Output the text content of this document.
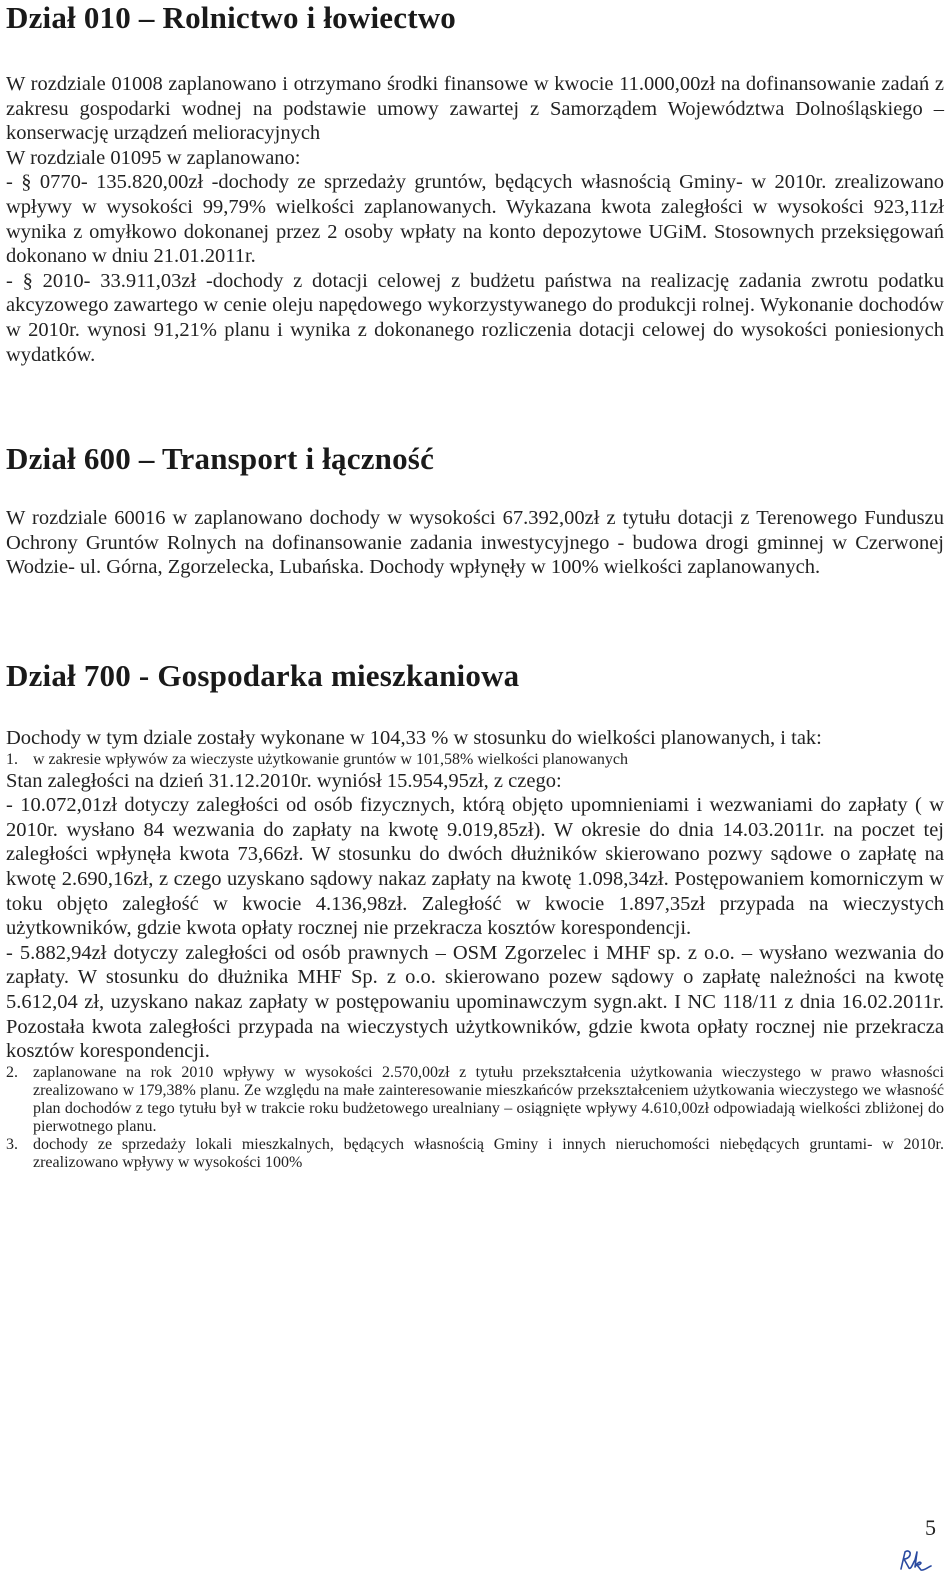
Dział 010 – Rolnictwo i łowiectwo

W rozdziale 01008 zaplanowano i otrzymano środki finansowe w kwocie 11.000,00zł na dofinansowanie zadań z zakresu gospodarki wodnej na podstawie umowy zawartej z Samorządem Województwa Dolnośląskiego – konserwację urządzeń melioracyjnych

W rozdziale 01095 w zaplanowano:

- § 0770- 135.820,00zł -dochody ze sprzedaży gruntów, będących własnością Gminy- w 2010r. zrealizowano wpływy w wysokości 99,79% wielkości zaplanowanych. Wykazana kwota zaległości w wysokości 923,11zł wynika z omyłkowo dokonanej przez 2 osoby wpłaty na konto depozytowe UGiM. Stosownych przeksięgowań dokonano w dniu 21.01.2011r.

- § 2010- 33.911,03zł -dochody z dotacji celowej z budżetu państwa na realizację zadania zwrotu podatku akcyzowego zawartego w cenie oleju napędowego wykorzystywanego do produkcji rolnej. Wykonanie dochodów w 2010r. wynosi 91,21% planu i wynika z dokonanego rozliczenia dotacji celowej do wysokości poniesionych wydatków.

Dział 600 – Transport i łączność

W rozdziale 60016 w zaplanowano dochody w wysokości 67.392,00zł z tytułu dotacji z Terenowego Funduszu Ochrony Gruntów Rolnych na dofinansowanie zadania inwestycyjnego - budowa drogi gminnej w Czerwonej Wodzie- ul. Górna, Zgorzelecka, Lubańska. Dochody wpłynęły w 100% wielkości zaplanowanych.

Dział 700 - Gospodarka mieszkaniowa

Dochody w tym dziale zostały wykonane w 104,33 % w stosunku do wielkości planowanych, i tak:

1. w zakresie wpływów za wieczyste użytkowanie gruntów w 101,58% wielkości planowanych

Stan zaległości na dzień 31.12.2010r. wyniósł 15.954,95zł, z czego:

- 10.072,01zł dotyczy zaległości od osób fizycznych, którą objęto upomnieniami i wezwaniami do zapłaty ( w 2010r. wysłano 84 wezwania do zapłaty na kwotę 9.019,85zł). W okresie do dnia 14.03.2011r. na poczet tej zaległości wpłynęła kwota 73,66zł. W stosunku do dwóch dłużników skierowano pozwy sądowe o zapłatę na kwotę 2.690,16zł, z czego uzyskano sądowy nakaz zapłaty na kwotę 1.098,34zł. Postępowaniem komorniczym w toku objęto zaległość w kwocie 4.136,98zł. Zaległość w kwocie 1.897,35zł przypada na wieczystych użytkowników, gdzie kwota opłaty rocznej nie przekracza kosztów korespondencji.

- 5.882,94zł dotyczy zaległości od osób prawnych – OSM Zgorzelec i MHF sp. z o.o. – wysłano wezwania do zapłaty. W stosunku do dłużnika MHF Sp. z o.o. skierowano pozew sądowy o zapłatę należności na kwotę 5.612,04 zł, uzyskano nakaz zapłaty w postępowaniu upominawczym sygn.akt. I NC 118/11 z dnia 16.02.2011r. Pozostała kwota zaległości przypada na wieczystych użytkowników, gdzie kwota opłaty rocznej nie przekracza kosztów korespondencji.

2. zaplanowane na rok 2010 wpływy w wysokości 2.570,00zł z tytułu przekształcenia użytkowania wieczystego w prawo własności zrealizowano w 179,38% planu. Ze względu na małe zainteresowanie mieszkańców przekształceniem użytkowania wieczystego we własność plan dochodów z tego tytułu był w trakcie roku budżetowego urealniany – osiągnięte wpływy 4.610,00zł odpowiadają wielkości zbliżonej do pierwotnego planu.
3. dochody ze sprzedaży lokali mieszkalnych, będących własnością Gminy i innych nieruchomości niebędących gruntami- w 2010r. zrealizowano wpływy w wysokości 100%
5
